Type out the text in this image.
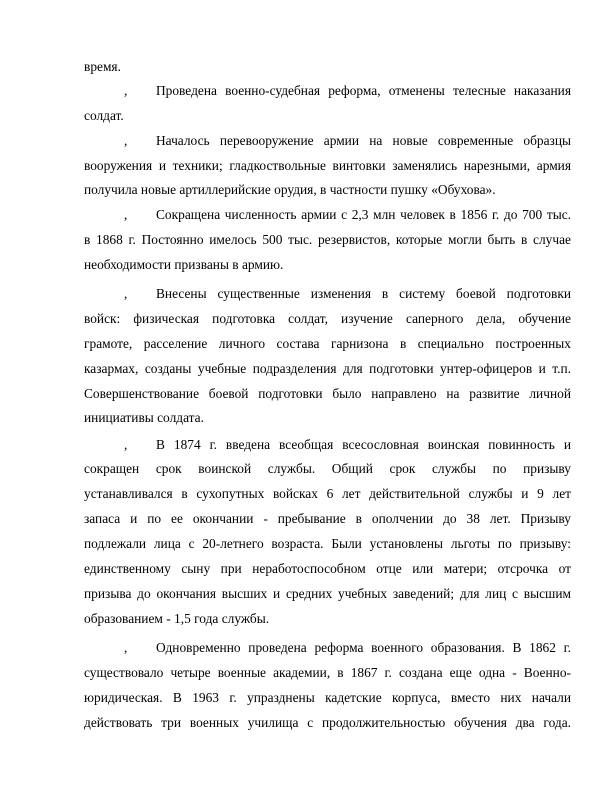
время.
,	Проведена военно-судебная реформа, отменены телесные наказания
солдат.
,	Началось перевооружение армии на новые современные образцы
вооружения и техники; гладкоствольные винтовки заменялись нарезными, армия
получила новые артиллерийские орудия, в частности пушку «Обухова».
,	Сокращена численность армии с 2,3 млн человек в 1856 г. до 700 тыс.
в 1868 г. Постоянно имелось 500 тыс. резервистов, которые могли быть в случае
необходимости призваны в армию.
,	Внесены существенные изменения в систему боевой подготовки
войск: физическая подготовка солдат, изучение саперного дела, обучение
грамоте, расселение личного состава гарнизона в специально построенных
казармах, созданы учебные подразделения для подготовки унтер-офицеров и т.п.
Совершенствование боевой подготовки было направлено на развитие личной
инициативы солдата.
,	В 1874 г. введена всеобщая всесословная воинская повинность и
сокращен срок воинской службы. Общий срок службы по призыву
устанавливался в сухопутных войсках 6 лет действительной службы и 9 лет
запаса и по ее окончании - пребывание в ополчении до 38 лет. Призыву
подлежали лица с 20-летнего возраста. Были установлены льготы по призыву:
единственному сыну при неработоспособном отце или матери; отсрочка от
призыва до окончания высших и средних учебных заведений; для лиц с высшим
образованием - 1,5 года службы.
,	Одновременно проведена реформа военного образования. В 1862 г.
существовало четыре военные академии, в 1867 г. создана еще одна - Военно-
юридическая. В 1963 г. упразднены кадетские корпуса, вместо них начали
действовать три военных училища с продолжительностью обучения два года.
